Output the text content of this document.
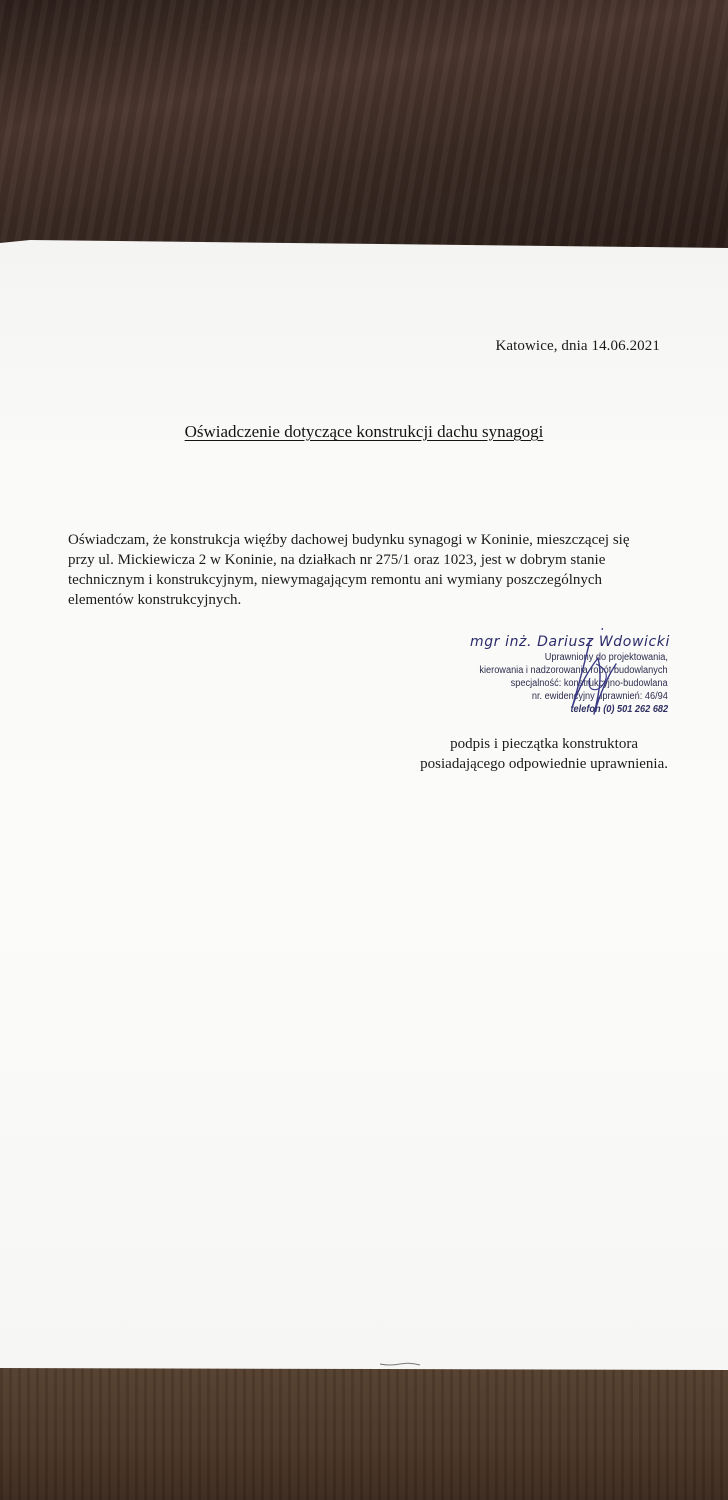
Katowice, dnia 14.06.2021
Oświadczenie dotyczące konstrukcji dachu synagogi

Oświadczam, że konstrukcja więźby dachowej budynku synagogi w Koninie, mieszczącej się

przy ul. Mickiewicza 2 w Koninie, na działkach nr 275/1 oraz 1023, jest w dobrym stanie

technicznym i konstrukcyjnym, niewymagającym remontu ani wymiany poszczególnych

elementów konstrukcyjnych.

mgr inż. Dariusz Wdowicki
Uprawniony do projektowania,
kierowania i nadzorowania robót budowlanych
specjalność: konstrukcyjno-budowlana
nr. ewidencyjny uprawnień: 46/94
telefon (0) 501 262 682
podpis i pieczątka konstruktora
posiadającego odpowiednie uprawnienia.
